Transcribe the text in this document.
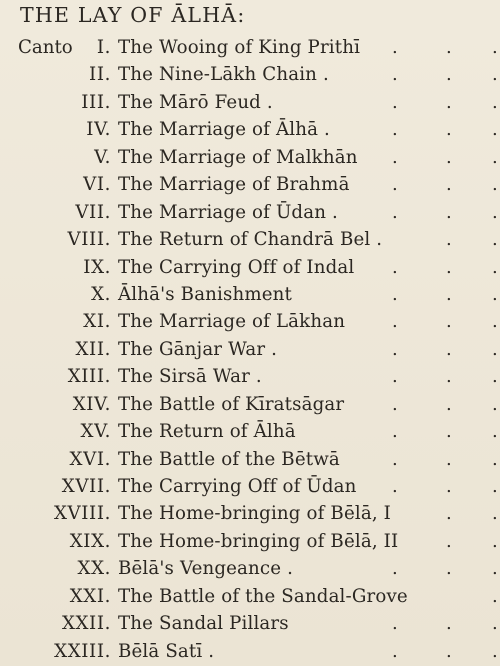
THE LAY OF ĀLHĀ:
Canto I. The Wooing of King Prithī .	. .
II. The Nine-Lākh Chain .	.	. .
III. The Mārō Feud .	.	. .
IV. The Marriage of Ālhā .	.	. .
V. The Marriage of Malkhān .	. .
VI. The Marriage of Brahmā .	. .
VII. The Marriage of Ūdan .	.	. .
VIII. The Return of Chandrā Bel .	. .
IX. The Carrying Off of Indal .	. .
X. Ālhā's Banishment	.	. .
XI. The Marriage of Lākhan	.	. .
XII. The Gānjar War .	.	. .
XIII. The Sirsā War .	.	. .
XIV. The Battle of Kīratsāgar	.	. .
XV. The Return of Ālhā	.	. .
XVI. The Battle of the Bētwā	.	. .
XVII. The Carrying Off of Ūdan .	. .
XVIII. The Home-bringing of Bēlā, I	. .
XIX. The Home-bringing of Bēlā, II	. .
XX. Bēlā's Vengeance .	.	. .
XXI. The Battle of the Sandal-Grove	.
XXII. The Sandal Pillars	.	. .
XXIII. Bēlā Satī .	.	. .
